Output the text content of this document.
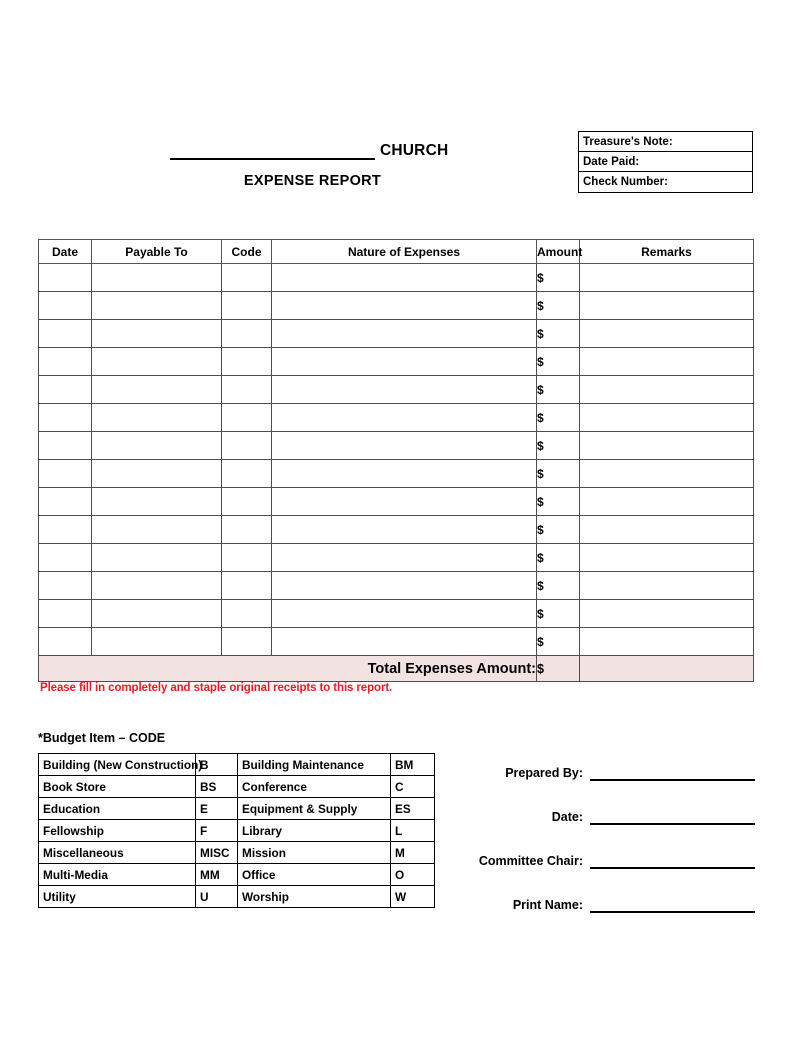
CHURCH
EXPENSE REPORT
Treasure's Note:
Date Paid:
Check Number:
Date	Payable To	Code	Nature of Expenses	Amount	Remarks
				$	
				$	
				$	
				$	
				$	
				$	
				$	
				$	
				$	
				$	
				$	
				$	
				$	
				$	
Total Expenses Amount:				$	
Please fill in completely and staple original receipts to this report.
*Budget Item – CODE
Building (New Construction)	B	Building Maintenance	BM
Book Store	BS	Conference	C
Education	E	Equipment & Supply	ES
Fellowship	F	Library	L
Miscellaneous	MISC	Mission	M
Multi-Media	MM	Office	O
Utility	U	Worship	W
Prepared By:
Date:
Committee Chair:
Print Name:
